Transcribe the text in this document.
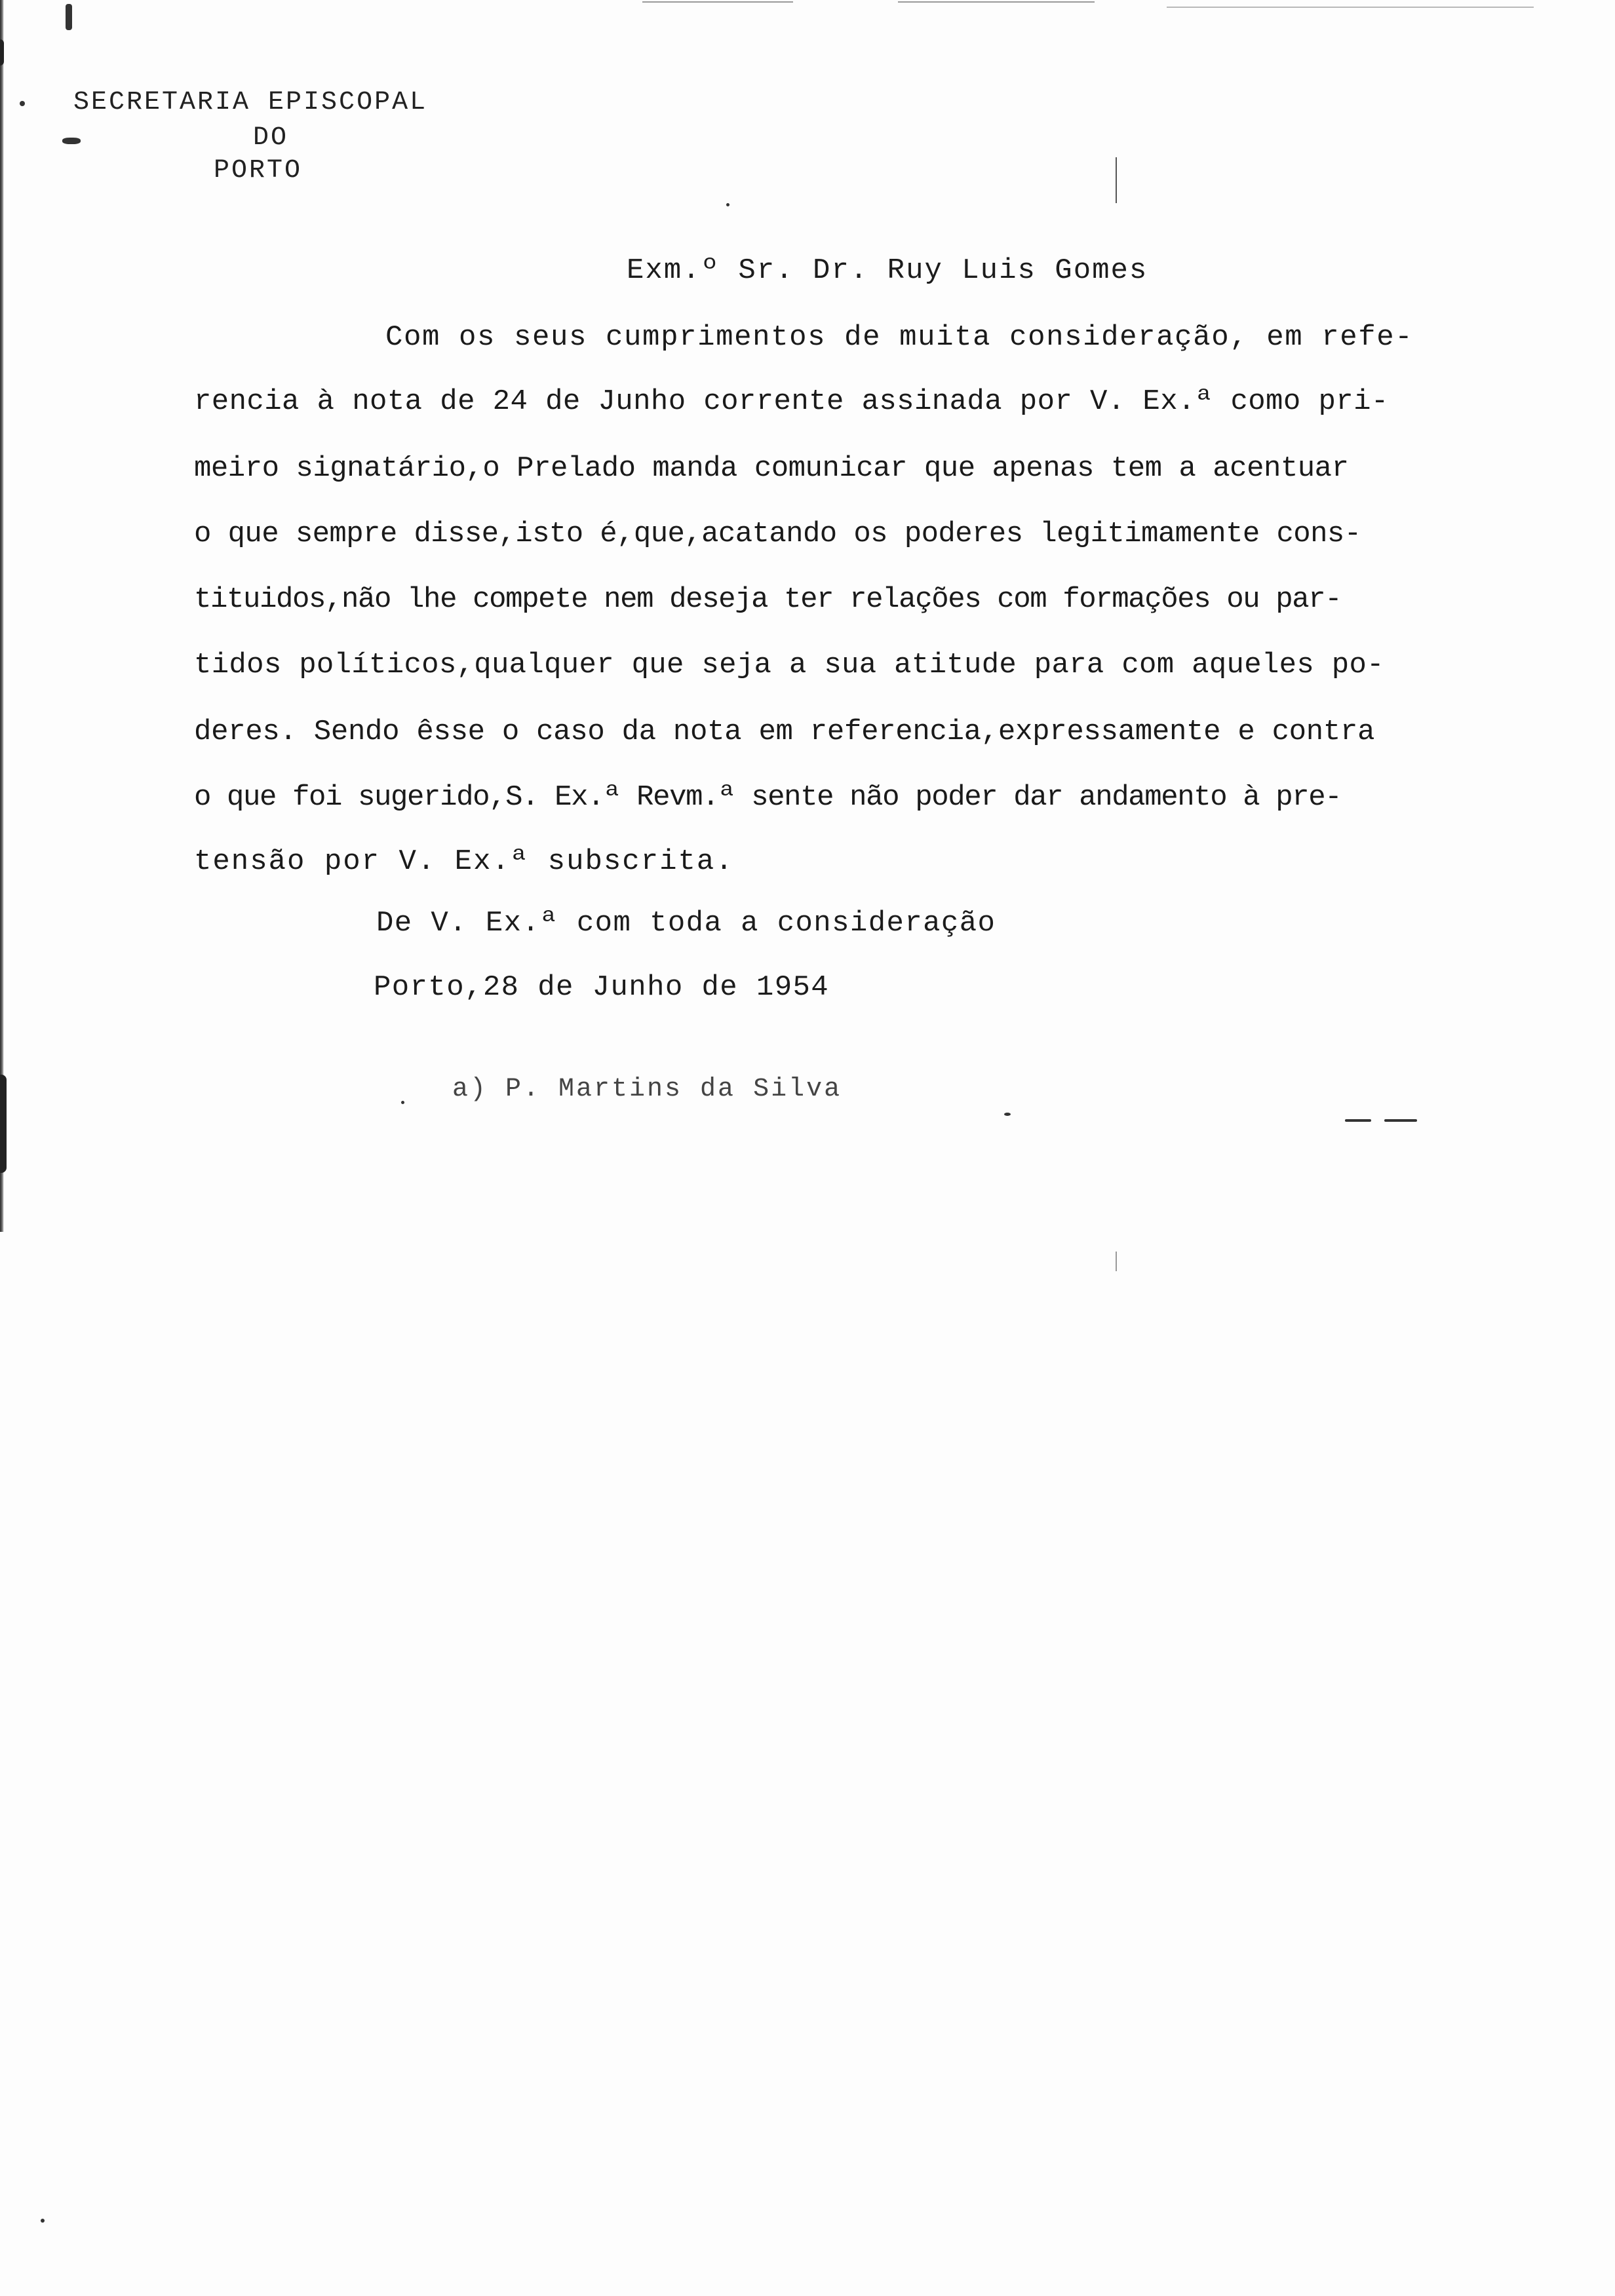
SECRETARIA EPISCOPAL
DO
PORTO
Exm.º Sr. Dr. Ruy Luis Gomes
Com os seus cumprimentos de muita consideração, em refe-
rencia à nota de 24 de Junho corrente assinada por V. Ex.ª como pri-
meiro signatário,o Prelado manda comunicar que apenas tem a acentuar
o que sempre disse,isto é,que,acatando os poderes legitimamente cons-
tituidos,não lhe compete nem deseja ter relações com formações ou par-
tidos políticos,qualquer que seja a sua atitude para com aqueles po-
deres. Sendo êsse o caso da nota em referencia,expressamente e contra
o que foi sugerido,S. Ex.ª Revm.ª sente não poder dar andamento à pre-
tensão por V. Ex.ª subscrita.
De V. Ex.ª com toda a consideração
Porto,28 de Junho de 1954
a) P. Martins da Silva
